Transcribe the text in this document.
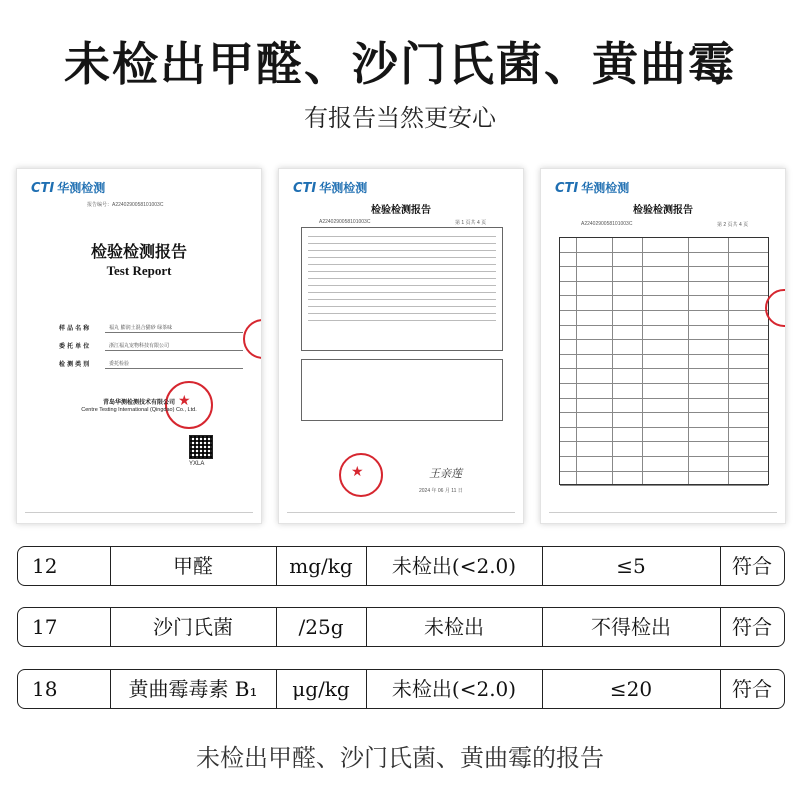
未检出甲醛、沙门氏菌、黄曲霉
有报告当然更安心
CTI 华测检测
报告编号：A2240290058101003C
检验检测报告
Test Report
样 品 名 称	福丸 膨润土混合猫砂 绿茶味
委 托 单 位	浙江福丸宠物科技有限公司
检 测 类 别	委托检验
★
青岛华测检测技术有限公司
Centre Testing International (Qingdao) Co., Ltd.
YXLA
CTI 华测检测
检验检测报告
A2240290058101003C	第 1 页共 4 页
★	王亲莲
2024 年 06 月 11 日
CTI 华测检测
检验检测报告
A2240290058101003C	第 2 页共 4 页
12	甲醛	mg/kg	未检出(<2.0)	≤5	符合
17	沙门氏菌	/25g	未检出	不得检出	符合
18	黄曲霉毒素 B₁	μg/kg	未检出(<2.0)	≤20	符合
未检出甲醛、沙门氏菌、黄曲霉的报告
